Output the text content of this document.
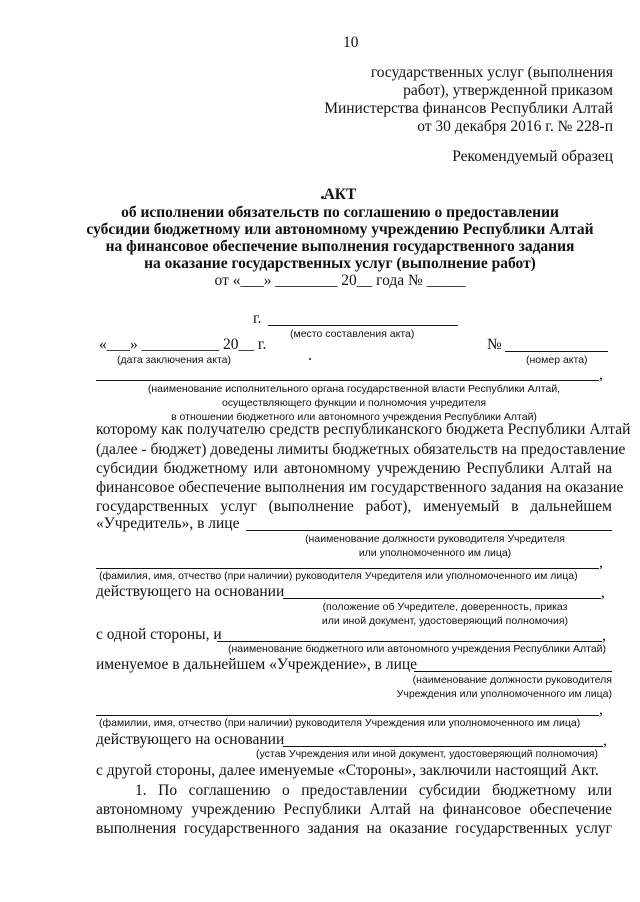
10
государственных услуг (выполнения
работ), утвержденной приказом
Министерства финансов Республики Алтай
от 30 декабря 2016 г. № 228-п
Рекомендуемый образец
АКТ
об исполнении обязательств по соглашению о предоставлении
субсидии бюджетному или автономному учреждению Республики Алтай
на финансовое обеспечение выполнения государственного задания
на оказание государственных услуг (выполнение работ)
от «___» ________ 20__ года № _____
г.
(место составления акта)
«___» __________ 20__ г.
(дата заключения акта)
№
(номер акта)
,
(наименование исполнительного органа государственной власти Республики Алтай,
осуществляющего функции и полномочия учредителя
в отношении бюджетного или автономного учреждения Республики Алтай)
которому как получателю средств республиканского бюджета Республики Алтай
(далее - бюджет) доведены лимиты бюджетных обязательств на предоставление
субсидии бюджетному или автономному учреждению Республики Алтай на
финансовое обеспечение выполнения им государственного задания на оказание
государственных услуг (выполнение работ), именуемый в дальнейшем
«Учредитель», в лице
(наименование должности руководителя Учредителя
или уполномоченного им лица)
,
(фамилия, имя, отчество (при наличии) руководителя Учредителя или уполномоченного им лица)
действующего на основании	,
(положение об Учредителе, доверенность, приказ
или иной документ, удостоверяющий полномочия)
с одной стороны, и	,
(наименование бюджетного или автономного учреждения Республики Алтай)
именуемое в дальнейшем «Учреждение», в лице
(наименование должности руководителя
Учреждения или уполномоченного им лица)
,
(фамилии, имя, отчество (при наличии) руководителя Учреждения или уполномоченного им лица)
действующего на основании	,
(устав Учреждения или иной документ, удостоверяющий полномочия)
с другой стороны, далее именуемые «Стороны», заключили настоящий Акт.
1. По соглашению о предоставлении субсидии бюджетному или
автономному учреждению Республики Алтай на финансовое обеспечение
выполнения государственного задания на оказание государственных услуг
